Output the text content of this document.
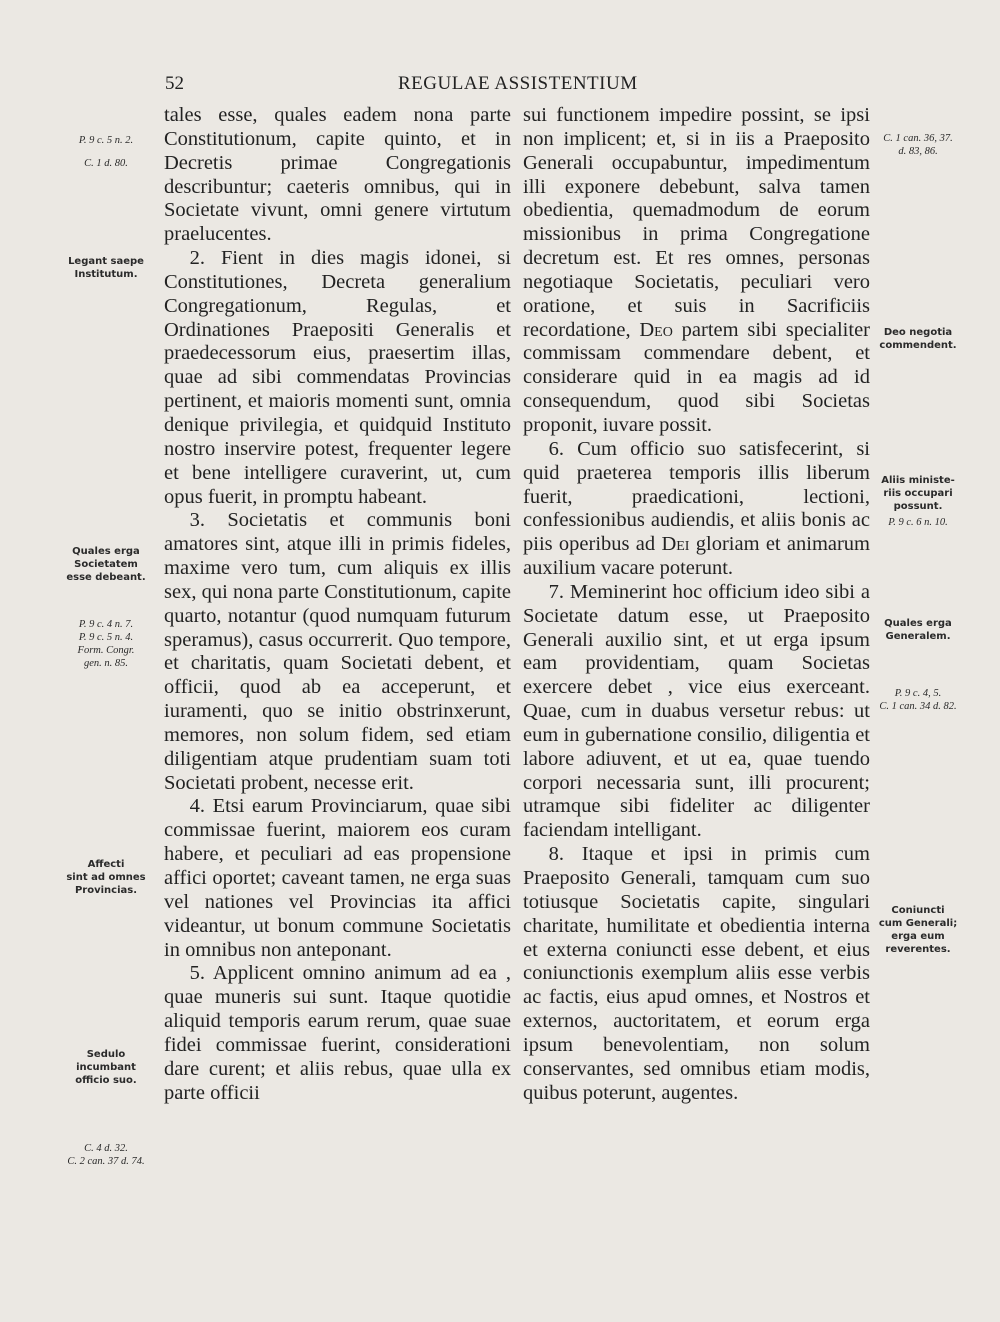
52	REGULAE ASSISTENTIUM
P. 9 c. 5 n. 2.
C. 1 d. 80.
Legant saepe
Institutum.
Quales erga
Societatem
esse debeant.
P. 9 c. 4 n. 7.
P. 9 c. 5 n. 4.
Form. Congr.
gen. n. 85.
Affecti
sint ad omnes
Provincias.
Sedulo
incumbant
officio suo.
C. 4 d. 32.
C. 2 can. 37 d. 74.
C. 1 can. 36, 37.
d. 83, 86.
Deo negotia
commendent.
Aliis ministe-
riis occupari
possunt.
P. 9 c. 6 n. 10.
Quales erga
Generalem.
P. 9 c. 4, 5.
C. 1 can. 34 d. 82.
Coniuncti
cum Generali;
erga eum
reverentes.

tales esse, quales eadem nona parte Constitutionum, capite quinto, et in Decretis primae Congregationis describuntur; caeteris omnibus, qui in Societate vivunt, omni genere virtutum praelucentes.

2. Fient in dies magis idonei, si Constitutiones, Decreta generalium Congregationum, Regulas, et Ordinationes Praepositi Generalis et praedecessorum eius, praesertim illas, quae ad sibi commendatas Provincias pertinent, et maioris momenti sunt, omnia denique privilegia, et quidquid Instituto nostro inservire potest, frequenter legere et bene intelligere curaverint, ut, cum opus fuerit, in promptu habeant.

3. Societatis et communis boni amatores sint, atque illi in primis fideles, maxime vero tum, cum aliquis ex illis sex, qui nona parte Constitutionum, capite quarto, notantur (quod numquam futurum speramus), casus occurrerit. Quo tempore, et charitatis, quam Societati debent, et officii, quod ab ea acceperunt, et iuramenti, quo se initio obstrinxerunt, memores, non solum fidem, sed etiam diligentiam atque prudentiam suam toti Societati probent, necesse erit.

4. Etsi earum Provinciarum, quae sibi commissae fuerint, maiorem eos curam habere, et peculiari ad eas propensione affici oportet; caveant tamen, ne erga suas vel nationes vel Provincias ita affici videantur, ut bonum commune Societatis in omnibus non anteponant.

5. Applicent omnino animum ad ea , quae muneris sui sunt. Itaque quotidie aliquid temporis earum rerum, quae suae fidei commissae fuerint, considerationi dare curent; et aliis rebus, quae ulla ex parte officii

sui functionem impedire possint, se ipsi non implicent; et, si in iis a Praeposito Generali occupabuntur, impedimentum illi exponere debebunt, salva tamen obedientia, quemadmodum de eorum missionibus in prima Congregatione decretum est. Et res omnes, personas negotiaque Societatis, peculiari vero oratione, et suis in Sacrificiis recordatione, Deo partem sibi specialiter commissam commendare debent, et considerare quid in ea magis ad id consequendum, quod sibi Societas proponit, iuvare possit.

6. Cum officio suo satisfecerint, si quid praeterea temporis illis liberum fuerit, praedicationi, lectioni, confessionibus audiendis, et aliis bonis ac piis operibus ad Dei gloriam et animarum auxilium vacare poterunt.

7. Meminerint hoc officium ideo sibi a Societate datum esse, ut Praeposito Generali auxilio sint, et ut erga ipsum eam providentiam, quam Societas exercere debet , vice eius exerceant. Quae, cum in duabus versetur rebus: ut eum in gubernatione consilio, diligentia et labore adiuvent, et ut ea, quae tuendo corpori necessaria sunt, illi procurent; utramque sibi fideliter ac diligenter faciendam intelligant.

8. Itaque et ipsi in primis cum Praeposito Generali, tamquam cum suo totiusque Societatis capite, singulari charitate, humilitate et obedientia interna et externa coniuncti esse debent, et eius coniunctionis exemplum aliis esse verbis ac factis, eius apud omnes, et Nostros et externos, auctoritatem, et eorum erga ipsum benevolentiam, non solum conservantes, sed omnibus etiam modis, quibus poterunt, augentes.
